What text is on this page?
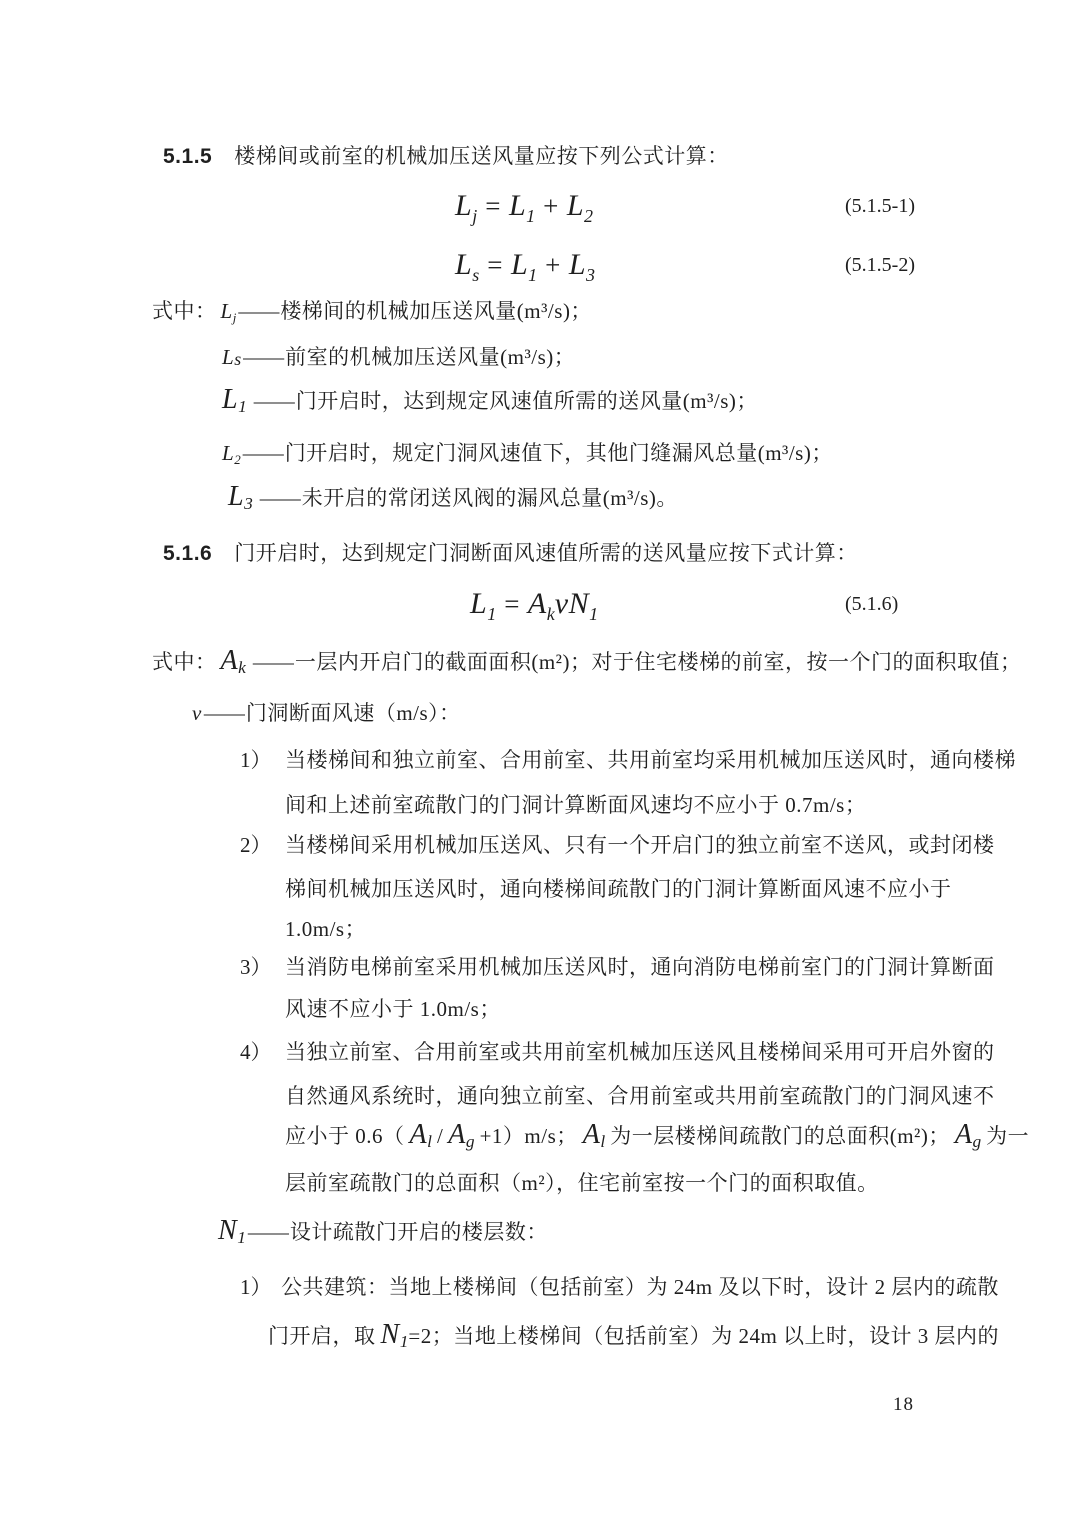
5.1.5 楼梯间或前室的机械加压送风量应按下列公式计算：
$L_j = L_1 + L_2$	(5.1.5-1)
$L_s = L_1 + L_3$	(5.1.5-2)
式中： $L_j——$楼梯间的机械加压送风量(m³/s)；
$L_s——$前室的机械加压送风量(m³/s)；
$L_1$ ——门开启时，达到规定风速值所需的送风量(m³/s)；
$L_2——$门开启时，规定门洞风速值下，其他门缝漏风总量(m³/s)；
$L_3$ ——未开启的常闭送风阀的漏风总量(m³/s)。
5.1.6 门开启时，达到规定门洞断面风速值所需的送风量应按下式计算：
$L_1 = A_kvN_1$	(5.1.6)
式中： $A_k$ ——一层内开启门的截面面积(m²)；对于住宅楼梯的前室，按一个门的面积取值；
v——门洞断面风速（m/s）：
1） 当楼梯间和独立前室、合用前室、共用前室均采用机械加压送风时，通向楼梯
间和上述前室疏散门的门洞计算断面风速均不应小于 0.7m/s；
2） 当楼梯间采用机械加压送风、只有一个开启门的独立前室不送风，或封闭楼
梯间机械加压送风时，通向楼梯间疏散门的门洞计算断面风速不应小于
1.0m/s；
3） 当消防电梯前室采用机械加压送风时，通向消防电梯前室门的门洞计算断面
风速不应小于 1.0m/s；
4） 当独立前室、合用前室或共用前室机械加压送风且楼梯间采用可开启外窗的
自然通风系统时，通向独立前室、合用前室或共用前室疏散门的门洞风速不
应小于 0.6（ $A_l / A_g +1)m/s$； $A_l$ 为一层楼梯间疏散门的总面积(m²)； $A_g$ 为一
层前室疏散门的总面积（m²），住宅前室按一个门的面积取值。
$N_1——$设计疏散门开启的楼层数：
1） 公共建筑：当地上楼梯间（包括前室）为 24m 及以下时，设计 2 层内的疏散
门开启，取 $N_1=2$；当地上楼梯间（包括前室）为 24m 以上时，设计 3 层内的
18
